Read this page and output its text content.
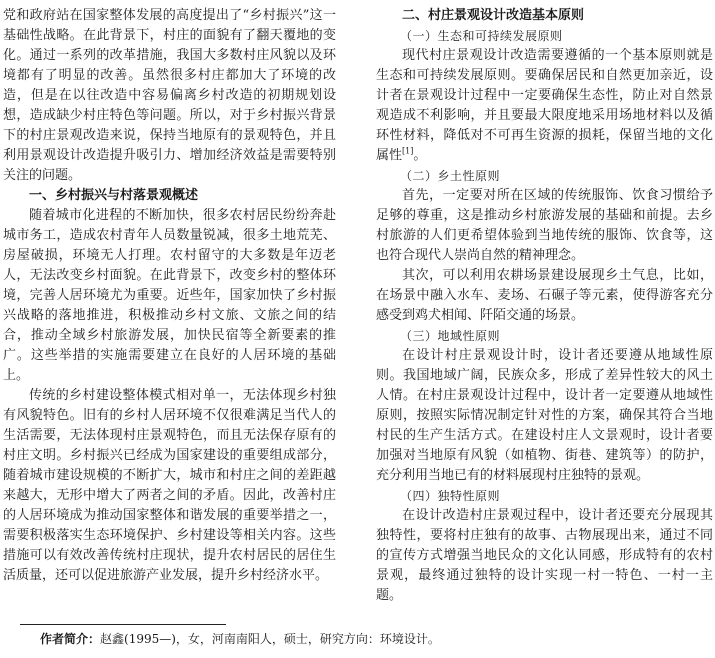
党和政府站在国家整体发展的高度提出了“乡村振兴”这一基础性战略。在此背景下，村庄的面貌有了翻天覆地的变化。通过一系列的改革措施，我国大多数村庄风貌以及环境都有了明显的改善。虽然很多村庄都加大了环境的改造，但是在以往改造中容易偏离乡村改造的初期规划设想，造成缺少村庄特色等问题。所以，对于乡村振兴背景下的村庄景观改造来说，保持当地原有的景观特色，并且利用景观设计改造提升吸引力、增加经济效益是需要特别关注的问题。

一、乡村振兴与村落景观概述

随着城市化进程的不断加快，很多农村居民纷纷奔赴城市务工，造成农村青年人员数量锐减，很多土地荒芜、房屋破损，环境无人打理。农村留守的大多数是年迈老人，无法改变乡村面貌。在此背景下，改变乡村的整体环境，完善人居环境尤为重要。近些年，国家加快了乡村振兴战略的落地推进，积极推动乡村文旅、文旅之间的结合，推动全域乡村旅游发展，加快民宿等全新要素的推广。这些举措的实施需要建立在良好的人居环境的基础上。

传统的乡村建设整体模式相对单一，无法体现乡村独有风貌特色。旧有的乡村人居环境不仅很难满足当代人的生活需要，无法体现村庄景观特色，而且无法保存原有的村庄文明。乡村振兴已经成为国家建设的重要组成部分，随着城市建设规模的不断扩大，城市和村庄之间的差距越来越大，无形中增大了两者之间的矛盾。因此，改善村庄的人居环境成为推动国家整体和谐发展的重要举措之一，需要积极落实生态环境保护、乡村建设等相关内容。这些措施可以有效改善传统村庄现状，提升农村居民的居住生活质量，还可以促进旅游产业发展，提升乡村经济水平。

二、村庄景观设计改造基本原则
（一）生态和可持续发展原则

现代村庄景观设计改造需要遵循的一个基本原则就是生态和可持续发展原则。要确保居民和自然更加亲近，设计者在景观设计过程中一定要确保生态性，防止对自然景观造成不利影响，并且要最大限度地采用场地材料以及循环性材料，降低对不可再生资源的损耗，保留当地的文化属性[1]。

（二）乡土性原则

首先，一定要对所在区域的传统服饰、饮食习惯给予足够的尊重，这是推动乡村旅游发展的基础和前提。去乡村旅游的人们更希望体验到当地传统的服饰、饮食等，这也符合现代人崇尚自然的精神理念。

其次，可以利用农耕场景建设展现乡土气息，比如，在场景中融入水车、麦场、石碾子等元素，使得游客充分感受到鸡犬相闻、阡陌交通的场景。

（三）地域性原则

在设计村庄景观设计时，设计者还要遵从地域性原则。我国地域广阔，民族众多，形成了差异性较大的风土人情。在村庄景观设计过程中，设计者一定要遵从地域性原则，按照实际情况制定针对性的方案，确保其符合当地村民的生产生活方式。在建设村庄人文景观时，设计者要加强对当地原有风貌（如植物、街巷、建筑等）的防护，充分利用当地已有的材料展现村庄独特的景观。

（四）独特性原则

在设计改造村庄景观过程中，设计者还要充分展现其独特性，要将村庄独有的故事、古物展现出来，通过不同的宣传方式增强当地民众的文化认同感，形成特有的农村景观，最终通过独特的设计实现一村一特色、一村一主题。

作者简介：赵鑫(1995—)，女，河南南阳人，硕士，研究方向：环境设计。
